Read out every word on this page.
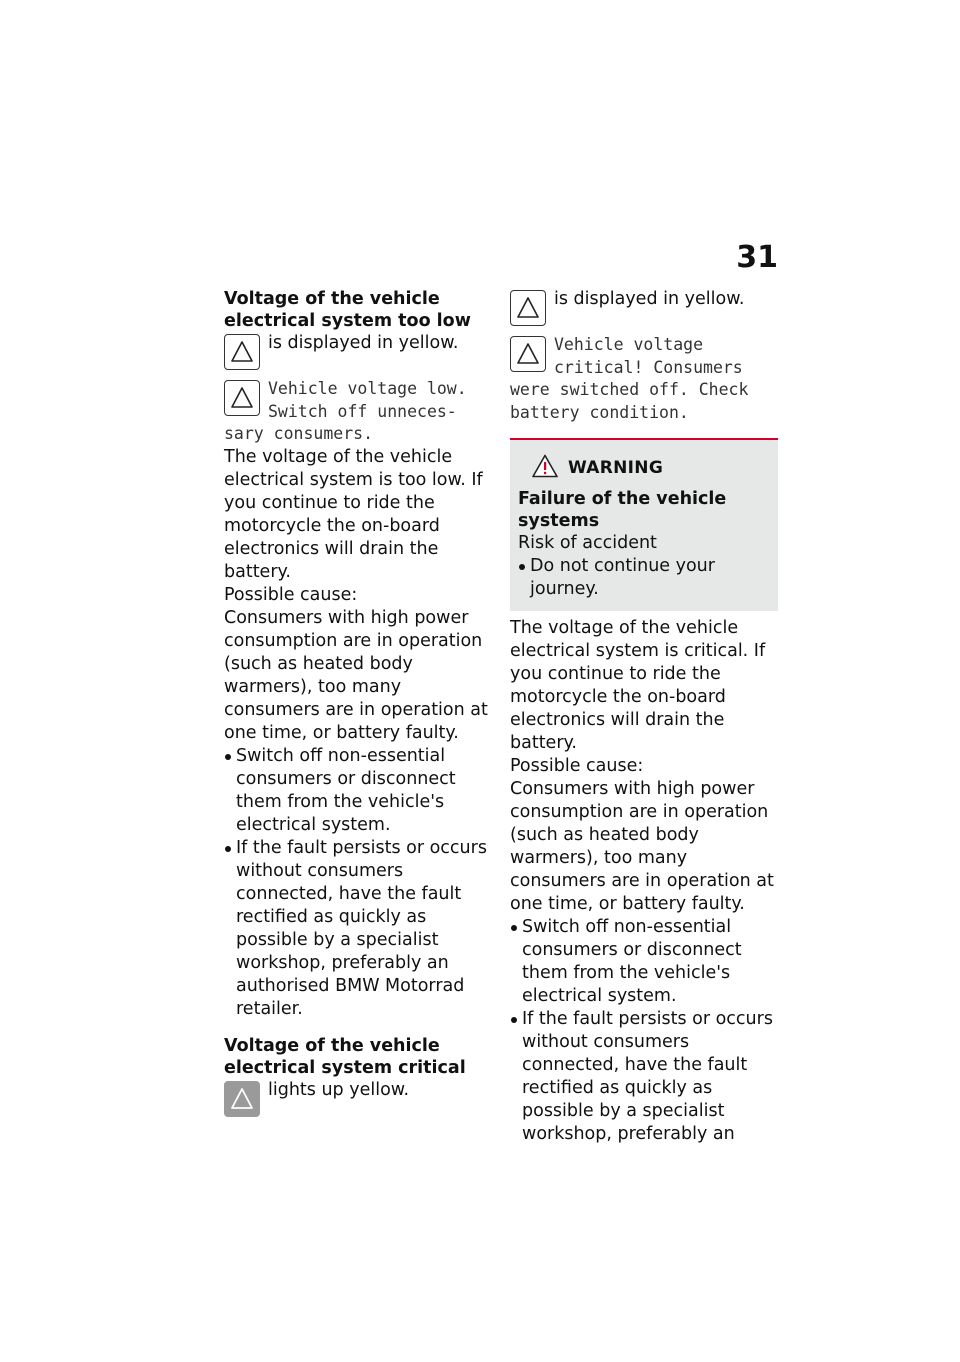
31

Voltage of the vehicle

electrical system too low

is displayed in yellow.

Vehicle voltage low.

Switch off unneces-

sary consumers.

The voltage of the vehicle electrical system is too low. If you continue to ride the motorcycle the on-board electronics will drain the battery.

Possible cause:

Consumers with high power consumption are in operation (such as heated body warmers), too many consumers are in operation at one time, or battery faulty.

Switch off non-essential consumers or disconnect them from the vehicle's electrical system.
If the fault persists or occurs without consumers connected, have the fault rectified as quickly as possible by a specialist workshop, preferably an authorised BMW Motorrad retailer.

Voltage of the vehicle

electrical system critical

lights up yellow.

is displayed in yellow.

Vehicle voltage

critical! Consumers

were switched off. Check

battery condition.

WARNING

Failure of the vehicle systems

Risk of accident

Do not continue your journey.

The voltage of the vehicle electrical system is critical. If you continue to ride the motorcycle the on-board electronics will drain the battery.

Possible cause:

Consumers with high power consumption are in operation (such as heated body warmers), too many consumers are in operation at one time, or battery faulty.

Switch off non-essential consumers or disconnect them from the vehicle's electrical system.
If the fault persists or occurs without consumers connected, have the fault rectified as quickly as possible by a specialist workshop, preferably an
